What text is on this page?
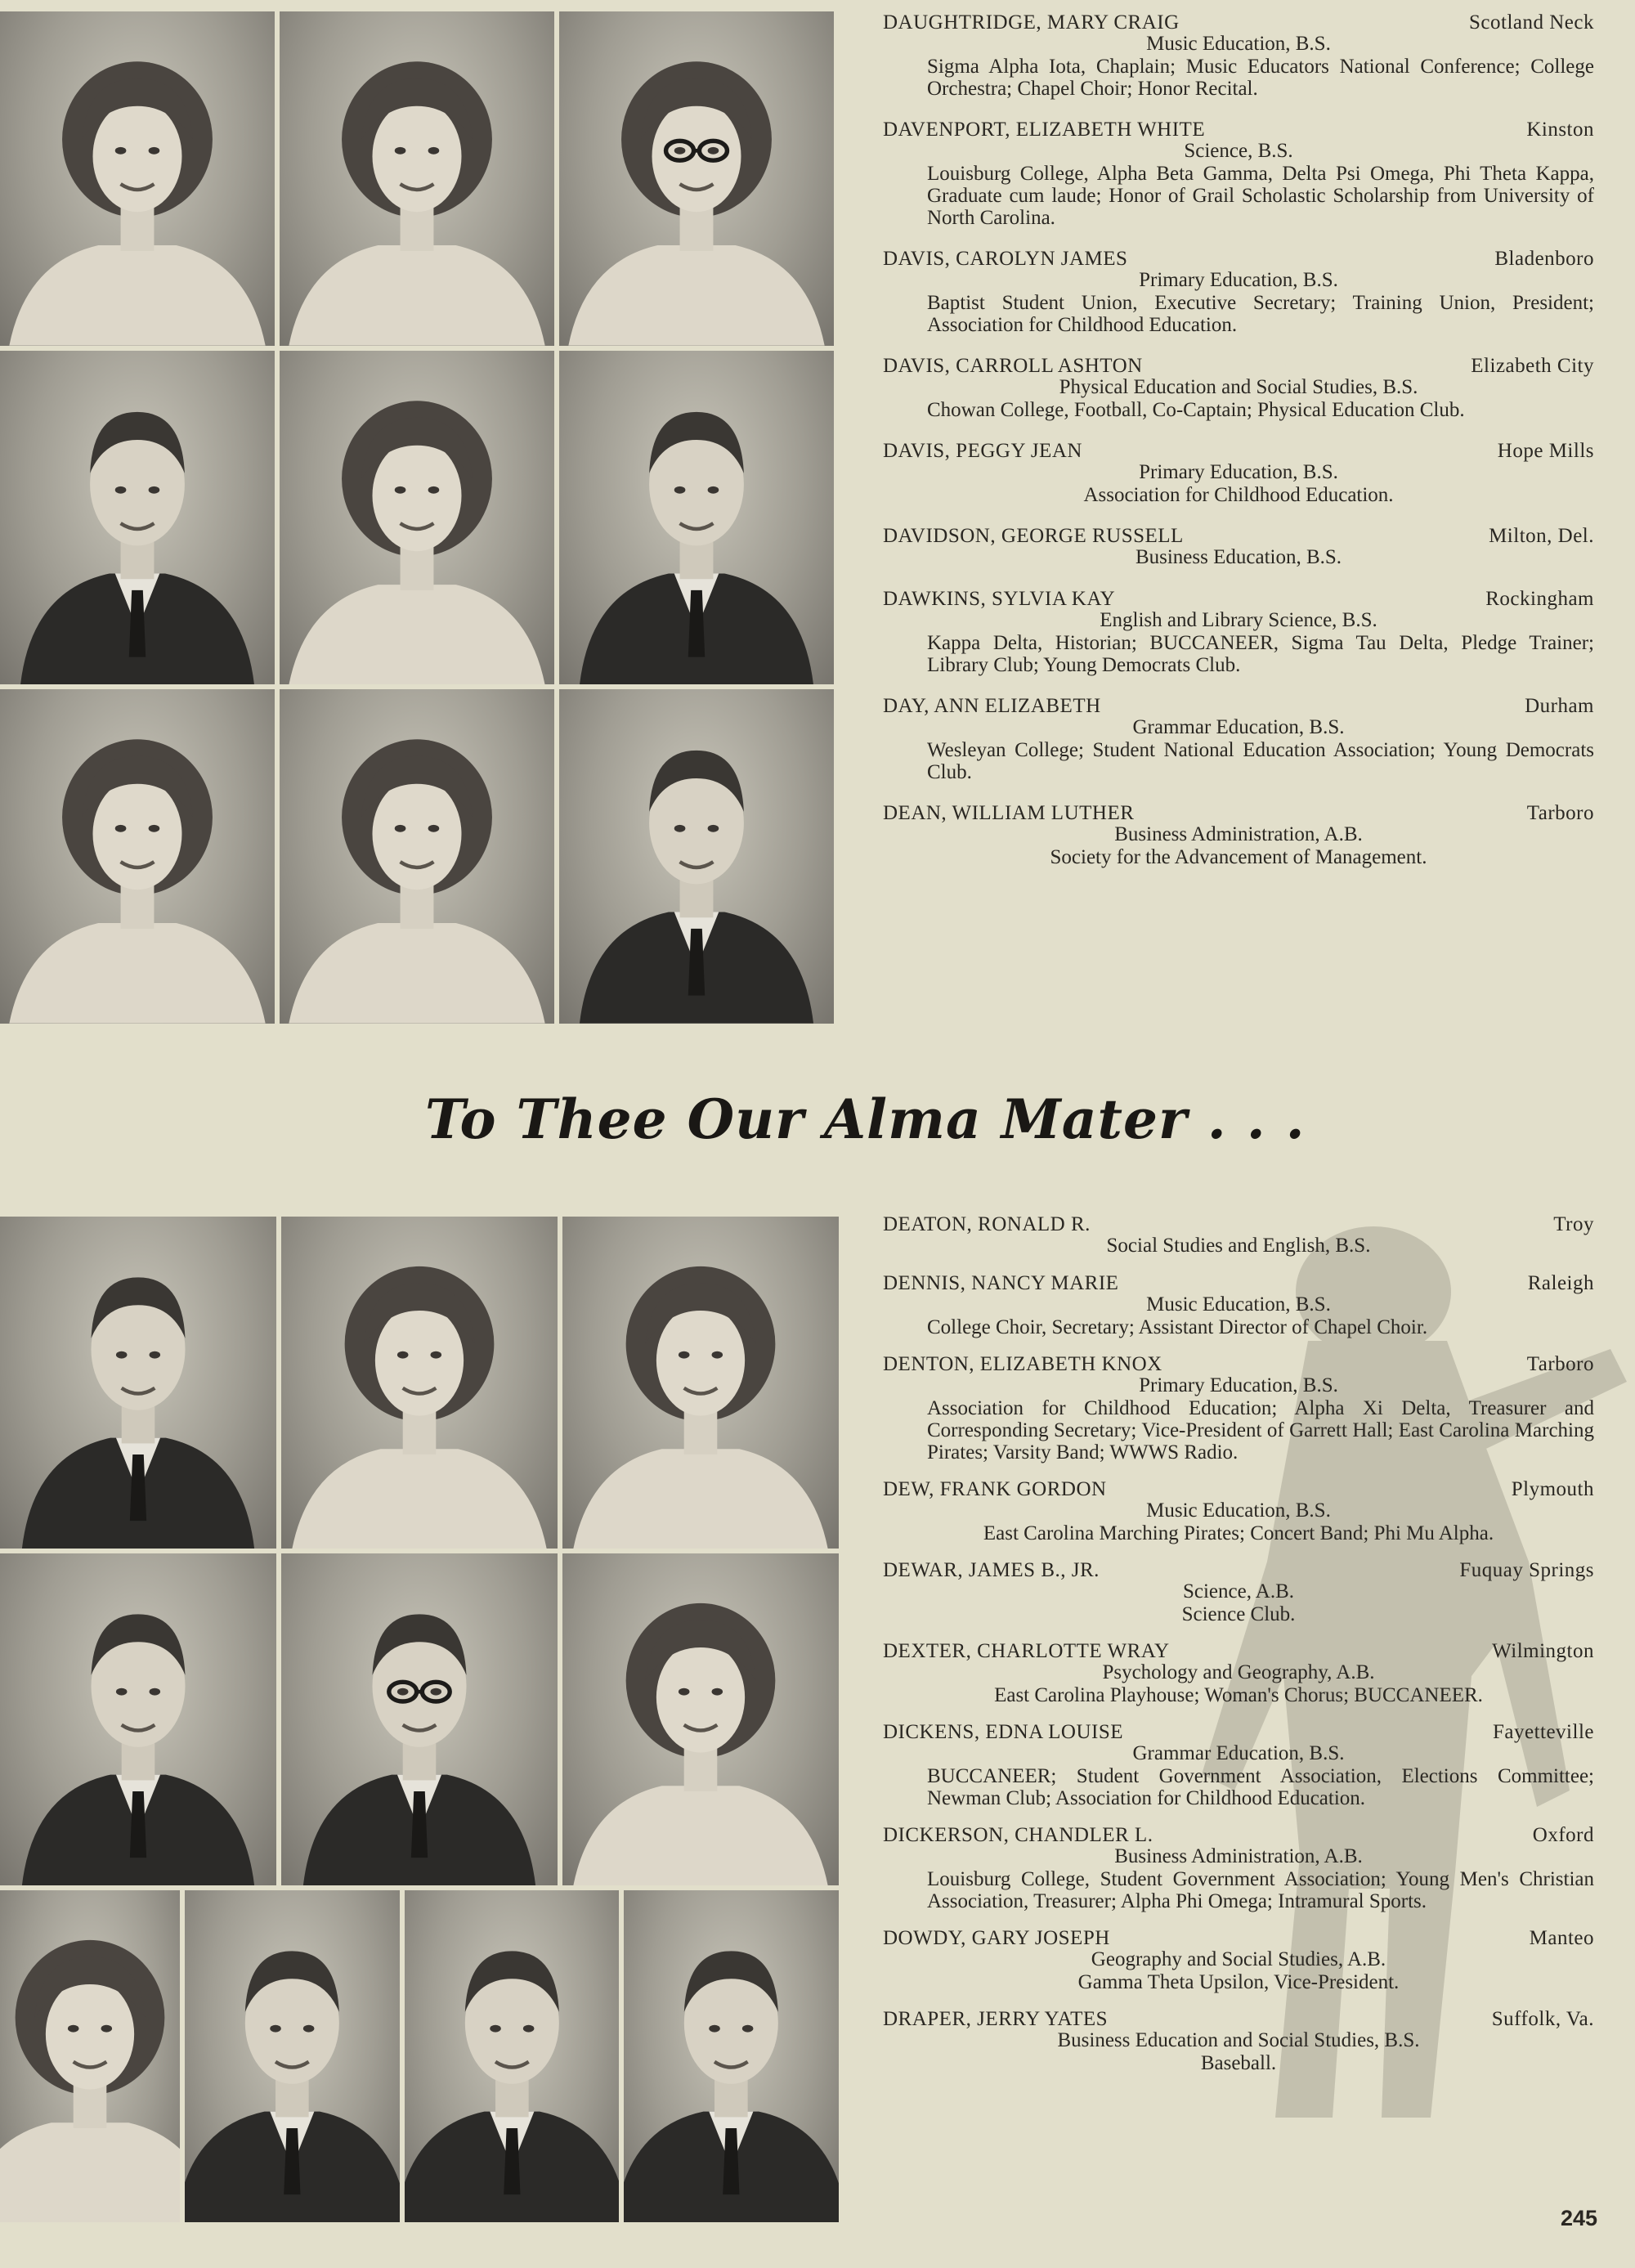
DAUGHTRIDGE, MARY CRAIG	Scotland Neck
Music Education, B.S.
Sigma Alpha Iota, Chaplain; Music Educators National Conference; College Orchestra; Chapel Choir; Honor Recital.
DAVENPORT, ELIZABETH WHITE	Kinston
Science, B.S.
Louisburg College, Alpha Beta Gamma, Delta Psi Omega, Phi Theta Kappa, Graduate cum laude; Honor of Grail Scholastic Scholarship from University of North Carolina.
DAVIS, CAROLYN JAMES	Bladenboro
Primary Education, B.S.
Baptist Student Union, Executive Secretary; Training Union, President; Association for Childhood Education.
DAVIS, CARROLL ASHTON	Elizabeth City
Physical Education and Social Studies, B.S.
Chowan College, Football, Co-Captain; Physical Education Club.
DAVIS, PEGGY JEAN	Hope Mills
Primary Education, B.S.
Association for Childhood Education.
DAVIDSON, GEORGE RUSSELL	Milton, Del.
Business Education, B.S.
DAWKINS, SYLVIA KAY	Rockingham
English and Library Science, B.S.
Kappa Delta, Historian; BUCCANEER, Sigma Tau Delta, Pledge Trainer; Library Club; Young Democrats Club.
DAY, ANN ELIZABETH	Durham
Grammar Education, B.S.
Wesleyan College; Student National Education Association; Young Democrats Club.
DEAN, WILLIAM LUTHER	Tarboro
Business Administration, A.B.
Society for the Advancement of Management.
To Thee Our Alma Mater . . .
DEATON, RONALD R.	Troy
Social Studies and English, B.S.
DENNIS, NANCY MARIE	Raleigh
Music Education, B.S.
College Choir, Secretary; Assistant Director of Chapel Choir.
DENTON, ELIZABETH KNOX	Tarboro
Primary Education, B.S.
Association for Childhood Education; Alpha Xi Delta, Treasurer and Corresponding Secretary; Vice-President of Garrett Hall; East Carolina Marching Pirates; Varsity Band; WWWS Radio.
DEW, FRANK GORDON	Plymouth
Music Education, B.S.
East Carolina Marching Pirates; Concert Band; Phi Mu Alpha.
DEWAR, JAMES B., JR.	Fuquay Springs
Science, A.B.
Science Club.
DEXTER, CHARLOTTE WRAY	Wilmington
Psychology and Geography, A.B.
East Carolina Playhouse; Woman's Chorus; BUCCANEER.
DICKENS, EDNA LOUISE	Fayetteville
Grammar Education, B.S.
BUCCANEER; Student Government Association, Elections Committee; Newman Club; Association for Childhood Education.
DICKERSON, CHANDLER L.	Oxford
Business Administration, A.B.
Louisburg College, Student Government Association; Young Men's Christian Association, Treasurer; Alpha Phi Omega; Intramural Sports.
DOWDY, GARY JOSEPH	Manteo
Geography and Social Studies, A.B.
Gamma Theta Upsilon, Vice-President.
DRAPER, JERRY YATES	Suffolk, Va.
Business Education and Social Studies, B.S.
Baseball.
245
